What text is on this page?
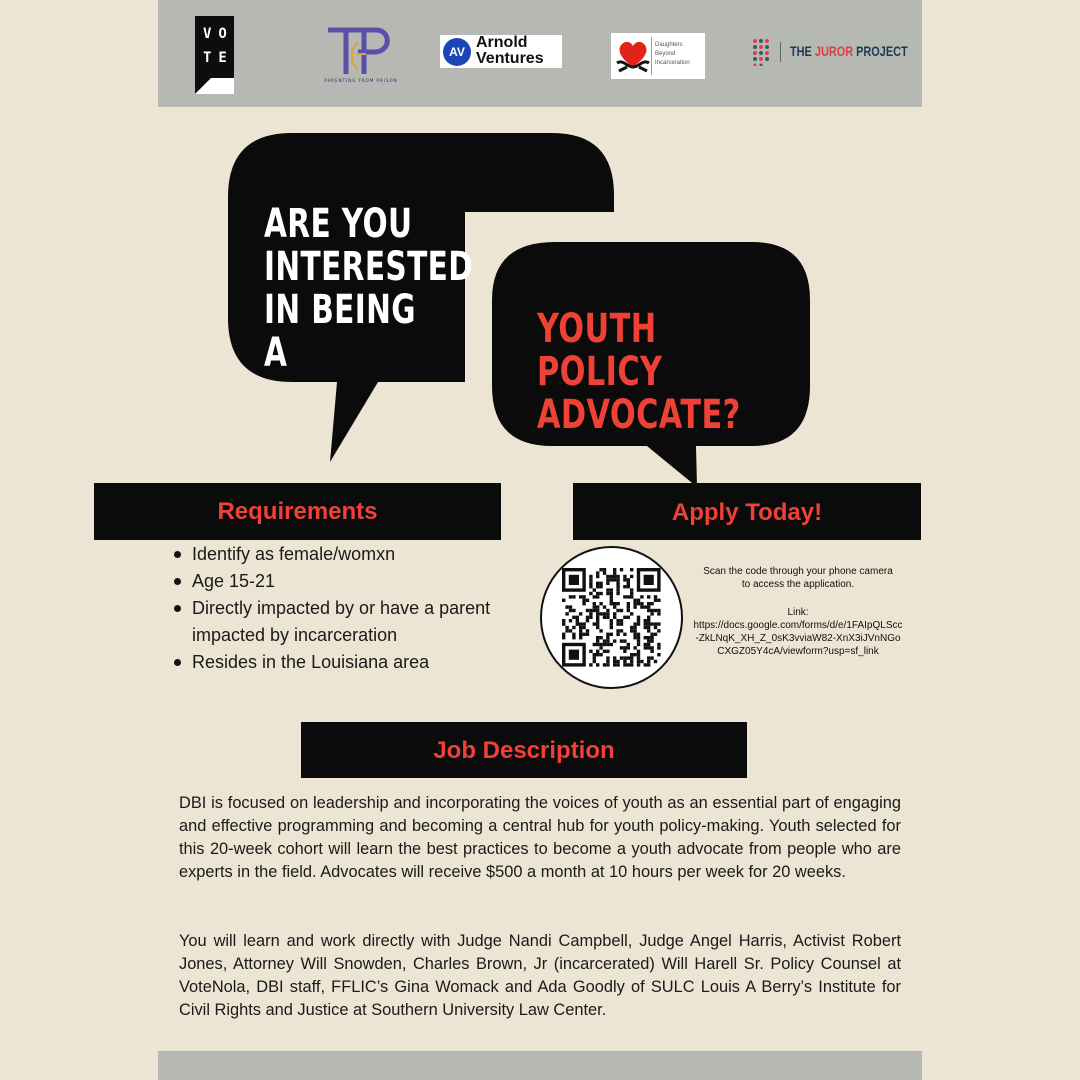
VO
TE
PARENTING FROM PRISON
AV
Arnold
Ventures
Daughters
Beyond
Incarceration
THE JUROR PROJECT
ARE YOU
INTERESTED
IN BEING A
YOUTH POLICY
ADVOCATE?
Requirements	Apply Today!
Identify as female/womxn
Age 15-21
Directly impacted by or have a parent impacted by incarceration
Resides in the Louisiana area
Scan the code through your phone camera
to access the application.
Link:
https://docs.google.com/forms/d/e/1FAIpQLScc-ZkLNqK_XH_Z_0sK3vviaW82-XnX3iJVnNGoCXGZ05Y4cA/viewform?usp=sf_link
Job Description
DBI is focused on leadership and incorporating the voices of youth as an essential part of engaging and effective programming and becoming a central hub for youth policy-making. Youth selected for this 20-week cohort will learn the best practices to become a youth advocate from people who are experts in the field. Advocates will receive $500 a month at 10 hours per week for 20 weeks.
You will learn and work directly with Judge Nandi Campbell, Judge Angel Harris, Activist Robert Jones, Attorney Will Snowden, Charles Brown, Jr (incarcerated) Will Harell Sr. Policy Counsel at VoteNola, DBI staff, FFLIC’s Gina Womack and Ada Goodly of SULC Louis A Berry’s Institute for Civil Rights and Justice at Southern University Law Center.
